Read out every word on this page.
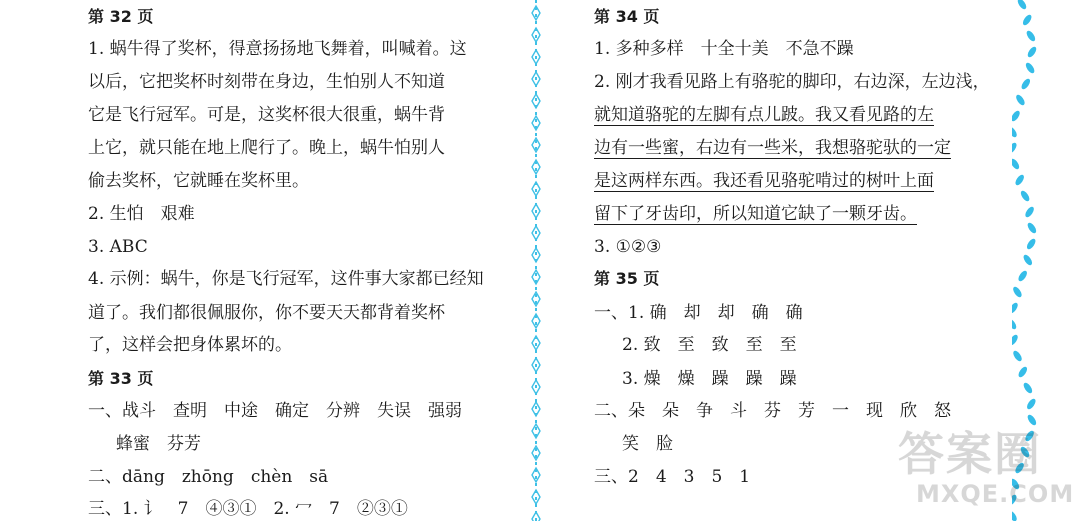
第 32 页
1. 蜗牛得了奖杯，得意扬扬地飞舞着，叫喊着。这
以后，它把奖杯时刻带在身边，生怕别人不知道
它是飞行冠军。可是，这奖杯很大很重，蜗牛背
上它，就只能在地上爬行了。晚上，蜗牛怕别人
偷去奖杯，它就睡在奖杯里。
2. 生怕　艰难
3. ABC
4. 示例：蜗牛，你是飞行冠军，这件事大家都已经知
道了。我们都很佩服你，你不要天天都背着奖杯
了，这样会把身体累坏的。
第 33 页
一、战斗　查明　中途　确定　分辨　失误　强弱
蜂蜜　芬芳
二、dāng　zhōng　chèn　sā
三、1. 讠　7　④③①　2. 冖　7　②③①
第 34 页
1. 多种多样　十全十美　不急不躁
2. 刚才我看见路上有骆驼的脚印，右边深，左边浅，
就知道骆驼的左脚有点儿跛。我又看见路的左
边有一些蜜，右边有一些米，我想骆驼驮的一定
是这两样东西。我还看见骆驼啃过的树叶上面
留下了牙齿印，所以知道它缺了一颗牙齿。
3. ①②③
第 35 页
一、1. 确　却　却　确　确
2. 致　至　致　至　至
3. 燥　燥　躁　躁　躁
二、朵　朵　争　斗　芬　芳　一　现　欣　怒
笑　脸
三、2　4　3　5　1	答案圈
MXQE.COM
